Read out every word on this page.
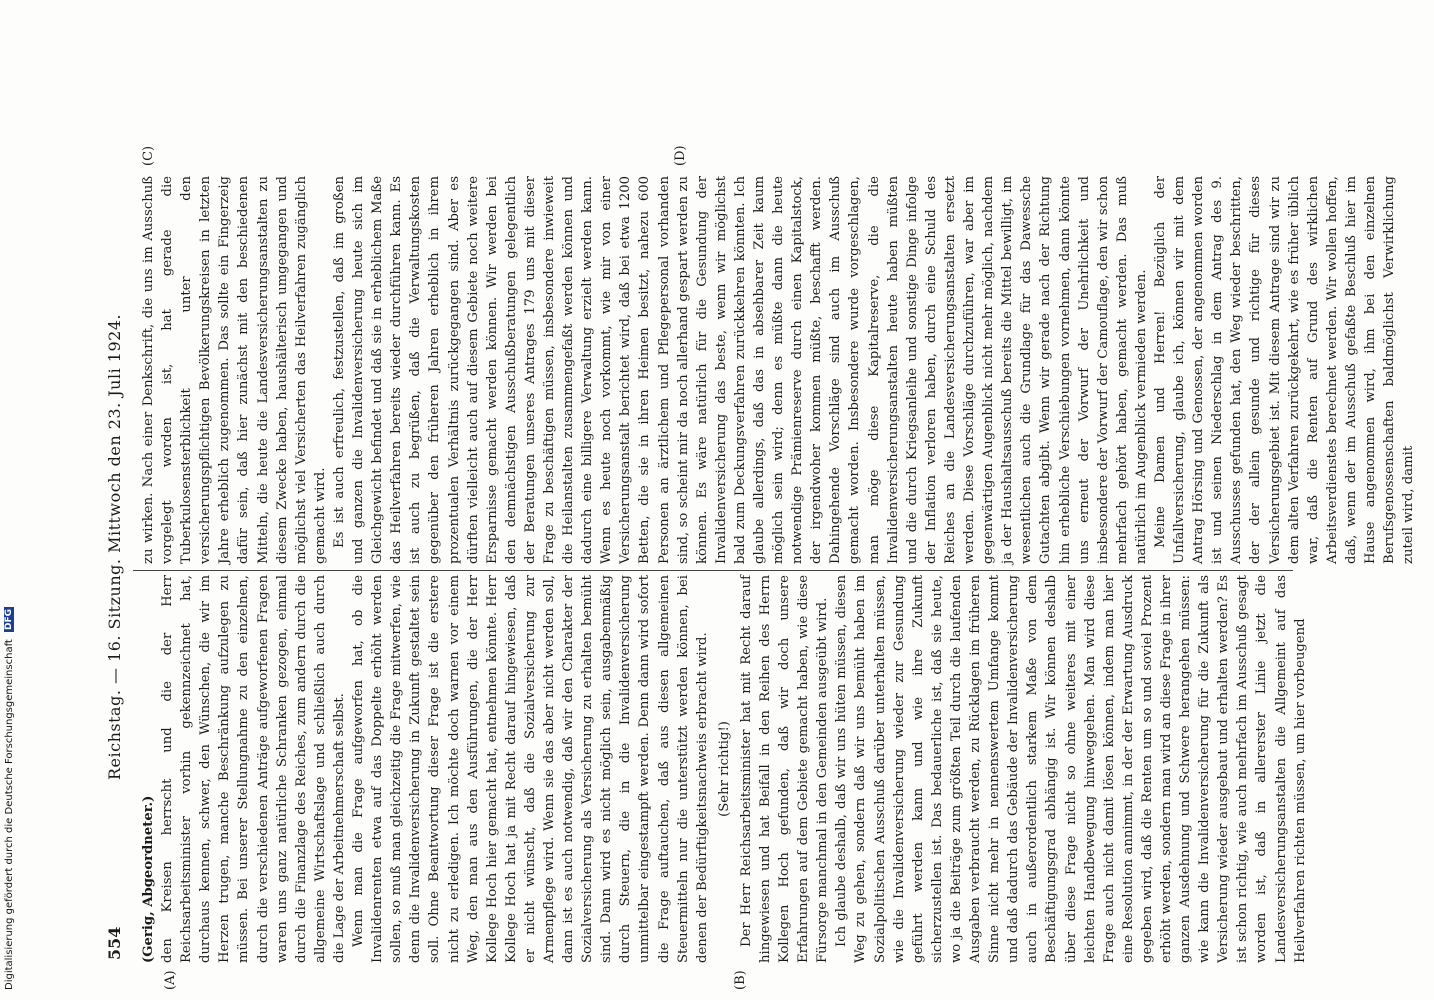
554
Reichstag. — 16. Sitzung. Mittwoch den 23. Juli 1924.
(A)	(B)
(C)	(D)

(Gerig, Abgeordneter.) den Kreisen herrscht und die der Herr Reichsarbeitsminister vorhin gekennzeichnet hat, durchaus kennen, schwer, den Wünschen, die wir im Herzen trugen, manche Beschränkung aufzulegen zu müssen. Bei unserer Stellungnahme zu den einzelnen, durch die verschiedenen Anträge aufgeworfenen Fragen waren uns ganz natürliche Schranken gezogen, einmal durch die Finanzlage des Reiches, zum andern durch die allgemeine Wirtschaftslage und schließlich auch durch die Lage der Arbeitnehmerschaft selbst. Wenn man die Frage aufgeworfen hat, ob die Invalidenrenten etwa auf das Doppelte erhöht werden sollen, so muß man gleichzeitig die Frage mitwerfen, wie denn die Invalidenversicherung in Zukunft gestaltet sein soll. Ohne Beantwortung dieser Frage ist die erstere nicht zu erledigen. Ich möchte doch warnen vor einem Weg, den man aus den Ausführungen, die der Herr Kollege Hoch hier gemacht hat, entnehmen könnte. Herr Kollege Hoch hat ja mit Recht darauf hingewiesen, daß er nicht wünscht, daß die Sozialversicherung zur Armenpflege wird. Wenn sie das aber nicht werden soll, dann ist es auch notwendig, daß wir den Charakter der Sozialversicherung als Versicherung zu erhalten bemüht sind. Dann wird es nicht möglich sein, ausgabenmäßig durch Steuern, die in die Invalidenversicherung unmittelbar eingestampft werden. Denn dann wird sofort die Frage auftauchen, daß aus diesen allgemeinen Steuermitteln nur die unterstützt werden können, bei denen der Bedürftigkeitsnachweis erbracht wird. (Sehr richtig!) Der Herr Reichsarbeitsminister hat mit Recht darauf hingewiesen und hat Beifall in den Reihen des Herrn Kollegen Hoch gefunden, daß wir doch unsere Erfahrungen auf dem Gebiete gemacht haben, wie diese Fürsorge manchmal in den Gemeinden ausgeübt wird. Ich glaube deshalb, daß wir uns hüten müssen, diesen Weg zu gehen, sondern daß wir uns bemüht haben im Sozialpolitischen Ausschuß darüber unterhalten müssen, wie die Invalidenversicherung wieder zur Gesundung geführt werden kann und wie ihre Zukunft sicherzustellen ist. Das bedauerliche ist, daß sie heute, wo ja die Beiträge zum größten Teil durch die laufenden Ausgaben verbraucht werden, zu Rücklagen im früheren Sinne nicht mehr in nennenswertem Umfange kommt und daß dadurch das Gebäude der Invalidenversicherung auch in außerordentlich starkem Maße von dem Beschäftigungsgrad abhängig ist. Wir können deshalb über diese Frage nicht so ohne weiteres mit einer leichten Handbewegung hinweggehen. Man wird diese Frage auch nicht damit lösen können, indem man hier eine Resolution annimmt, in der der Erwartung Ausdruck gegeben wird, daß die Renten um so und soviel Prozent erhöht werden, sondern man wird an diese Frage in ihrer ganzen Ausdehnung und Schwere herangehen müssen: wie kann die Invalidenversicherung für die Zukunft als Versicherung wieder ausgebaut und erhalten werden? Es ist schon richtig, wie auch mehrfach im Ausschuß gesagt worden ist, daß in allererster Linie jetzt die Landesversicherungsanstalten die Allgemeint auf das Heilverfahren richten müssen, um hier vorbeugend

zu wirken. Nach einer Denkschrift, die uns im Ausschuß vorgelegt worden ist, hat gerade die Tuberkulosensterblichkeit unter den versicherungspflichtigen Bevölkerungskreisen in letzten Jahre erheblich zugenommen. Das sollte ein Fingerzeig dafür sein, daß hier zunächst mit den beschiedenen Mitteln, die heute die Landesversicherungsanstalten zu diesem Zwecke haben, haushälterisch umgegangen und möglichst viel Versicherten das Heilverfahren zugänglich gemacht wird. Es ist auch erfreulich, festzustellen, daß im großen und ganzen die Invalidenversicherung heute sich im Gleichgewicht befindet und daß sie in erheblichem Maße das Heilverfahren bereits wieder durchführen kann. Es ist auch zu begrüßen, daß die Verwaltungskosten gegenüber den früheren Jahren erheblich in ihrem prozentualen Verhältnis zurückgegangen sind. Aber es dürften vielleicht auch auf diesem Gebiete noch weitere Ersparnisse gemacht werden können. Wir werden bei den demnächstigen Ausschußberatungen gelegentlich der Beratungen unseres Antrages 179 uns mit dieser Frage zu beschäftigen müssen, insbesondere inwieweit die Heilanstalten zusammengefaßt werden können und dadurch eine billigere Verwaltung erzielt werden kann. Wenn es heute noch vorkommt, wie mir von einer Versicherungsanstalt berichtet wird, daß bei etwa 1200 Betten, die sie in ihren Heimen besitzt, nahezu 600 Personen an ärztlichem und Pflegepersonal vorhanden sind, so scheint mir da noch allerhand gespart werden zu können. Es wäre natürlich für die Gesundung der Invalidenversicherung das beste, wenn wir möglichst bald zum Deckungsverfahren zurückkehren könnten. Ich glaube allerdings, daß das in absehbarer Zeit kaum möglich sein wird; denn es müßte dann die heute notwendige Prämienreserve durch einen Kapitalstock, der irgendwoher kommen müßte, beschafft werden. Dahingehende Vorschläge sind auch im Ausschuß gemacht worden. Insbesondere wurde vorgeschlagen, man möge diese Kapitalreserve, die die Invalidenversicherungsanstalten heute haben müßten und die durch Kriegsanleihe und sonstige Dinge infolge der Inflation verloren haben, durch eine Schuld des Reiches an die Landesversicherungsanstalten ersetzt werden. Diese Vorschläge durchzuführen, war aber im gegenwärtigen Augenblick nicht mehr möglich, nachdem ja der Haushaltsausschuß bereits die Mittel bewilligt, im wesentlichen auch die Grundlage für das Dawessche Gutachten abgibt. Wenn wir gerade nach der Richtung hin erhebliche Verschiebungen vornehmen, dann könnte uns erneut der Vorwurf der Unehrlichkeit und insbesondere der Vorwurf der Camouflage, den wir schon mehrfach gehört haben, gemacht werden. Das muß natürlich im Augenblick vermieden werden. Meine Damen und Herren! Bezüglich der Unfallversicherung, glaube ich, können wir mit dem Antrag Hörsing und Genossen, der angenommen worden ist und seinen Niederschlag in dem Antrag des 9. Ausschusses gefunden hat, den Weg wieder beschritten, der der allein gesunde und richtige für dieses Versicherungsgebiet ist. Mit diesem Antrage sind wir zu dem alten Verfahren zurückgekehrt, wie es früher üblich war, daß die Renten auf Grund des wirklichen Arbeitsverdienstes berechnet werden. Wir wollen hoffen, daß, wenn der im Ausschuß gefaßte Beschluß hier im Hause angenommen wird, ihm bei den einzelnen Berufsgenossenschaften baldmöglichst Verwirklichung zuteil wird, damit

Digitalisierung gefördert durch die Deutsche Forschungsgemeinschaft DFG
